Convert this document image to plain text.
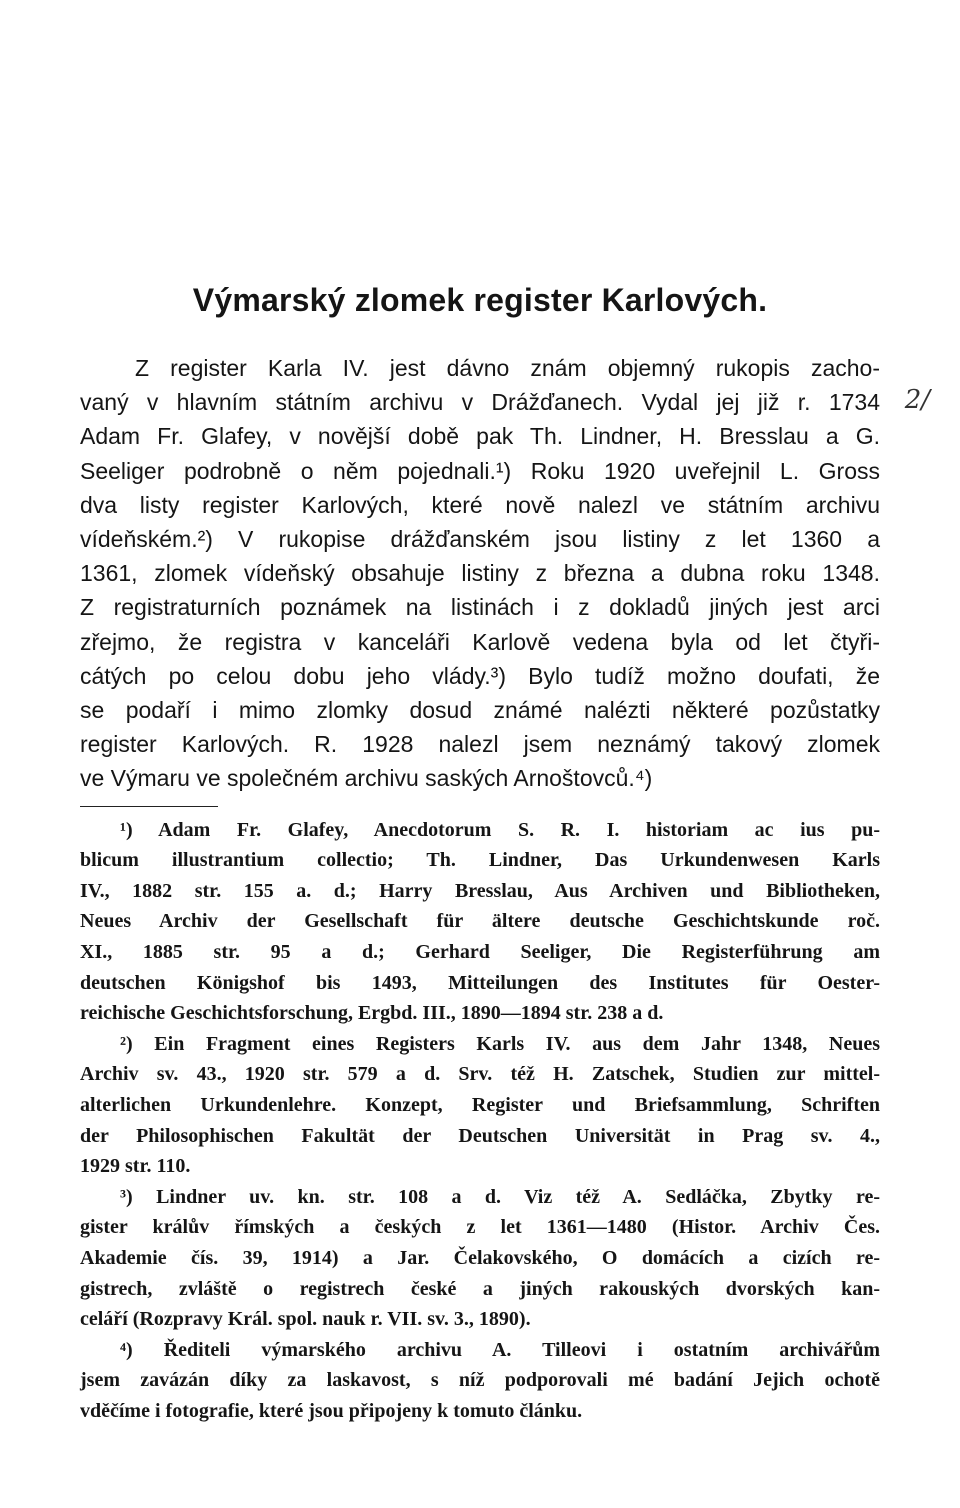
Výmarský zlomek register Karlových.
Z register Karla IV. jest dávno znám objemný rukopis zacho-
vaný v hlavním státním archivu v Drážďanech. Vydal jej již r. 1734 2/
Adam Fr. Glafey, v novější době pak Th. Lindner, H. Bresslau a G.
Seeliger podrobně o něm pojednali.¹) Roku 1920 uveřejnil L. Gross
dva listy register Karlových, které nově nalezl ve státním archivu
vídeňském.²) V rukopise drážďanském jsou listiny z let 1360 a
1361, zlomek vídeňský obsahuje listiny z března a dubna roku 1348.
Z registraturních poznámek na listinách i z dokladů jiných jest arci
zřejmo, že registra v kanceláři Karlově vedena byla od let čtyři-
cátých po celou dobu jeho vlády.³) Bylo tudíž možno doufati, že
se podaří i mimo zlomky dosud známé nalézti některé pozůstatky
register Karlových. R. 1928 nalezl jsem neznámý takový zlomek
ve Výmaru ve společném archivu saských Arnoštovců.⁴)
¹) Adam Fr. Glafey, Anecdotorum S. R. I. historiam ac ius pu-
blicum illustrantium collectio; Th. Lindner, Das Urkundenwesen Karls
IV., 1882 str. 155 a. d.; Harry Bresslau, Aus Archiven und Bibliotheken,
Neues Archiv der Gesellschaft für ältere deutsche Geschichtskunde roč.
XI., 1885 str. 95 a d.; Gerhard Seeliger, Die Registerführung am
deutschen Königshof bis 1493, Mitteilungen des Institutes für Oester-
reichische Geschichtsforschung, Ergbd. III., 1890—1894 str. 238 a d.
²) Ein Fragment eines Registers Karls IV. aus dem Jahr 1348, Neues
Archiv sv. 43., 1920 str. 579 a d. Srv. též H. Zatschek, Studien zur mittel-
alterlichen Urkundenlehre. Konzept, Register und Briefsammlung, Schriften
der Philosophischen Fakultät der Deutschen Universität in Prag sv. 4.,
1929 str. 110.
³) Lindner uv. kn. str. 108 a d. Viz též A. Sedláčka, Zbytky re-
gister králův římských a českých z let 1361—1480 (Histor. Archiv Čes.
Akademie čís. 39, 1914) a Jar. Čelakovského, O domácích a cizích re-
gistrech, zvláště o registrech české a jiných rakouských dvorských kan-
celáří (Rozpravy Král. spol. nauk r. VII. sv. 3., 1890).
⁴) Řediteli výmarského archivu A. Tilleovi i ostatním archivářům
jsem zavázán díky za laskavost, s níž podporovali mé badání Jejich ochotě
vděčíme i fotografie, které jsou připojeny k tomuto článku.
